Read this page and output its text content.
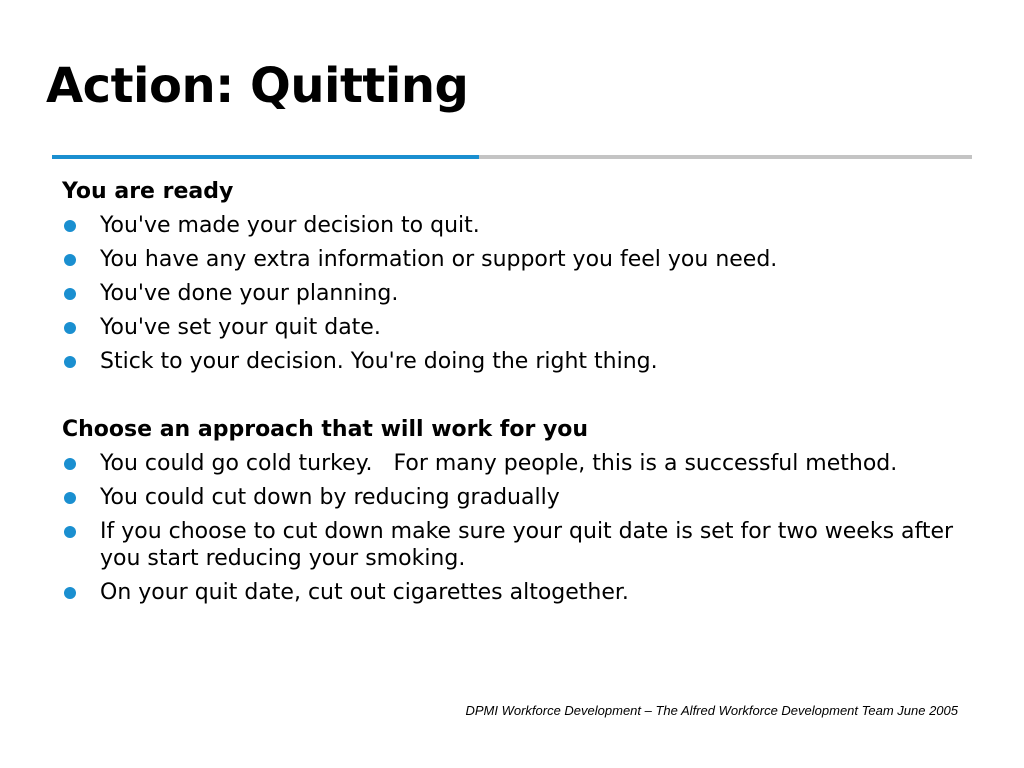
Action: Quitting
You are ready
You've made your decision to quit.
You have any extra information or support you feel you need.
You've done your planning.
You've set your quit date.
Stick to your decision. You're doing the right thing.
Choose an approach that will work for you
You could go cold turkey.   For many people, this is a successful method.
You could cut down by reducing gradually
If you choose to cut down make sure your quit date is set for two weeks after you start reducing your smoking.
On your quit date, cut out cigarettes altogether.
DPMI Workforce Development – The Alfred Workforce Development Team June 2005
